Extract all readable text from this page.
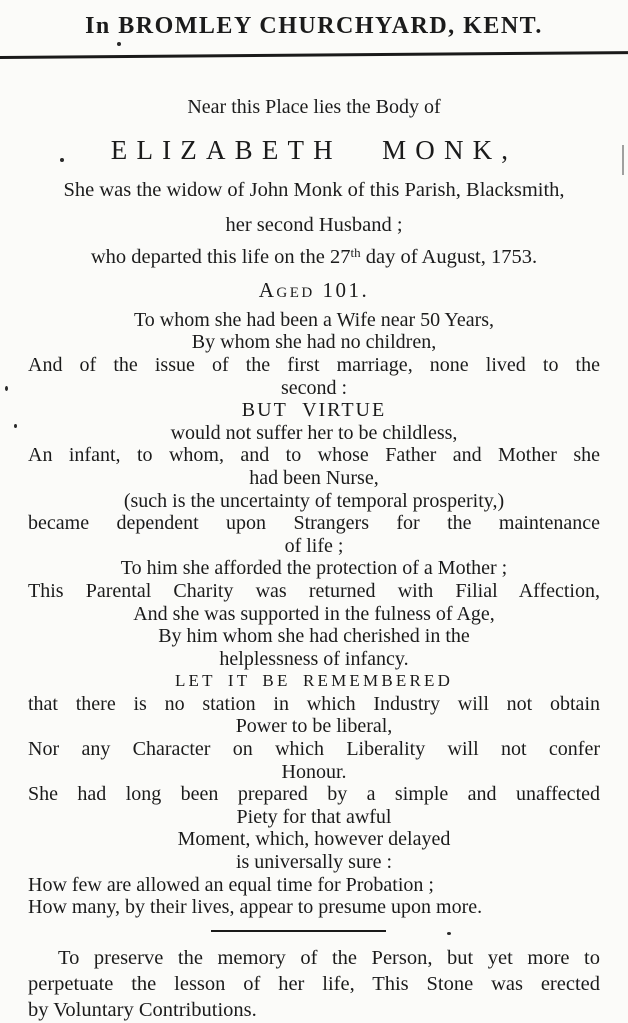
In BROMLEY CHURCHYARD, KENT.
Near this Place lies the Body of
ELIZABETH MONK,
She was the widow of John Monk of this Parish, Blacksmith,
her second Husband ;
who departed this life on the 27th day of August, 1753.
Aged 101.
To whom she had been a Wife near 50 Years,
By whom she had no children,
And of the issue of the first marriage, none lived to the
second :
BUT VIRTUE
would not suffer her to be childless,
An infant, to whom, and to whose Father and Mother she
had been Nurse,
(such is the uncertainty of temporal prosperity,)
became dependent upon Strangers for the maintenance
of life ;
To him she afforded the protection of a Mother ;
This Parental Charity was returned with Filial Affection,
And she was supported in the fulness of Age,
By him whom she had cherished in the
helplessness of infancy.
LET IT BE REMEMBERED
that there is no station in which Industry will not obtain
Power to be liberal,
Nor any Character on which Liberality will not confer
Honour.
She had long been prepared by a simple and unaffected
Piety for that awful
Moment, which, however delayed
is universally sure :
How few are allowed an equal time for Probation ;
How many, by their lives, appear to presume upon more.
To preserve the memory of the Person, but yet more to
perpetuate the lesson of her life, This Stone was erected
by Voluntary Contributions.
